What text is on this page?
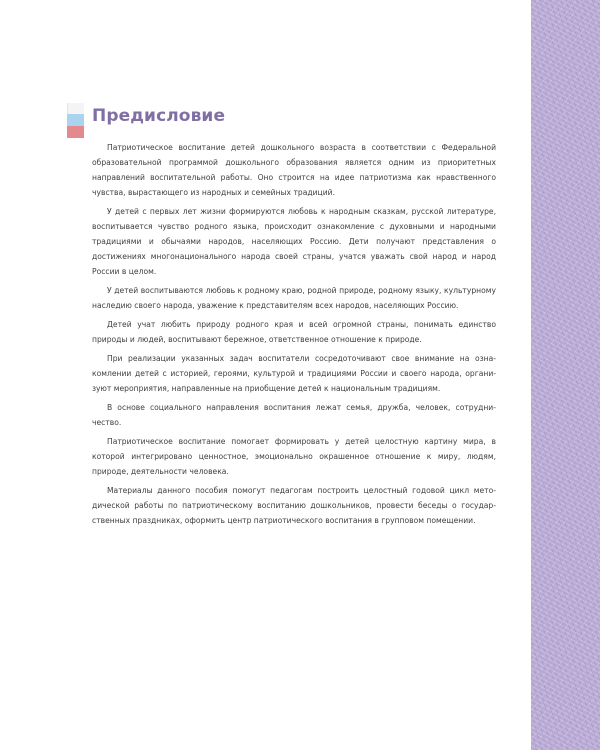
Предисловие

Патриотическое воспитание детей дошкольного возраста в соответствии с Федеральной образовательной программой дошкольного образования является одним из приоритетных направлений воспитательной работы. Оно строится на идее патриотизма как нравственного чувства, вырастающего из народных и семейных традиций.

У детей с первых лет жизни формируются любовь к народным сказкам, русской литературе, воспитывается чувство родного языка, происходит ознакомление с духовными и народными традициями и обычаями народов, населяющих Россию. Дети получают представления о достижениях многонационального народа своей страны, учатся уважать свой народ и народ России в целом.

У детей воспитываются любовь к родному краю, родной природе, родному языку, культурному наследию своего народа, уважение к представителям всех народов, населяющих Россию.

Детей учат любить природу родного края и всей огромной страны, понимать единство природы и людей, воспитывают бережное, ответственное отношение к природе.

При реализации указанных задач воспитатели сосредоточивают свое внимание на ознакомлении детей с историей, героями, культурой и традициями России и своего народа, организуют мероприятия, направленные на приобщение детей к национальным традициям.

В основе социального направления воспитания лежат семья, дружба, человек, сотрудничество.

Патриотическое воспитание помогает формировать у детей целостную картину мира, в которой интегрировано ценностное, эмоционально окрашенное отношение к миру, людям, природе, деятельности человека.

Материалы данного пособия помогут педагогам построить целостный годовой цикл методической работы по патриотическому воспитанию дошкольников, провести беседы о государственных праздниках, оформить центр патриотического воспитания в групповом помещении.
